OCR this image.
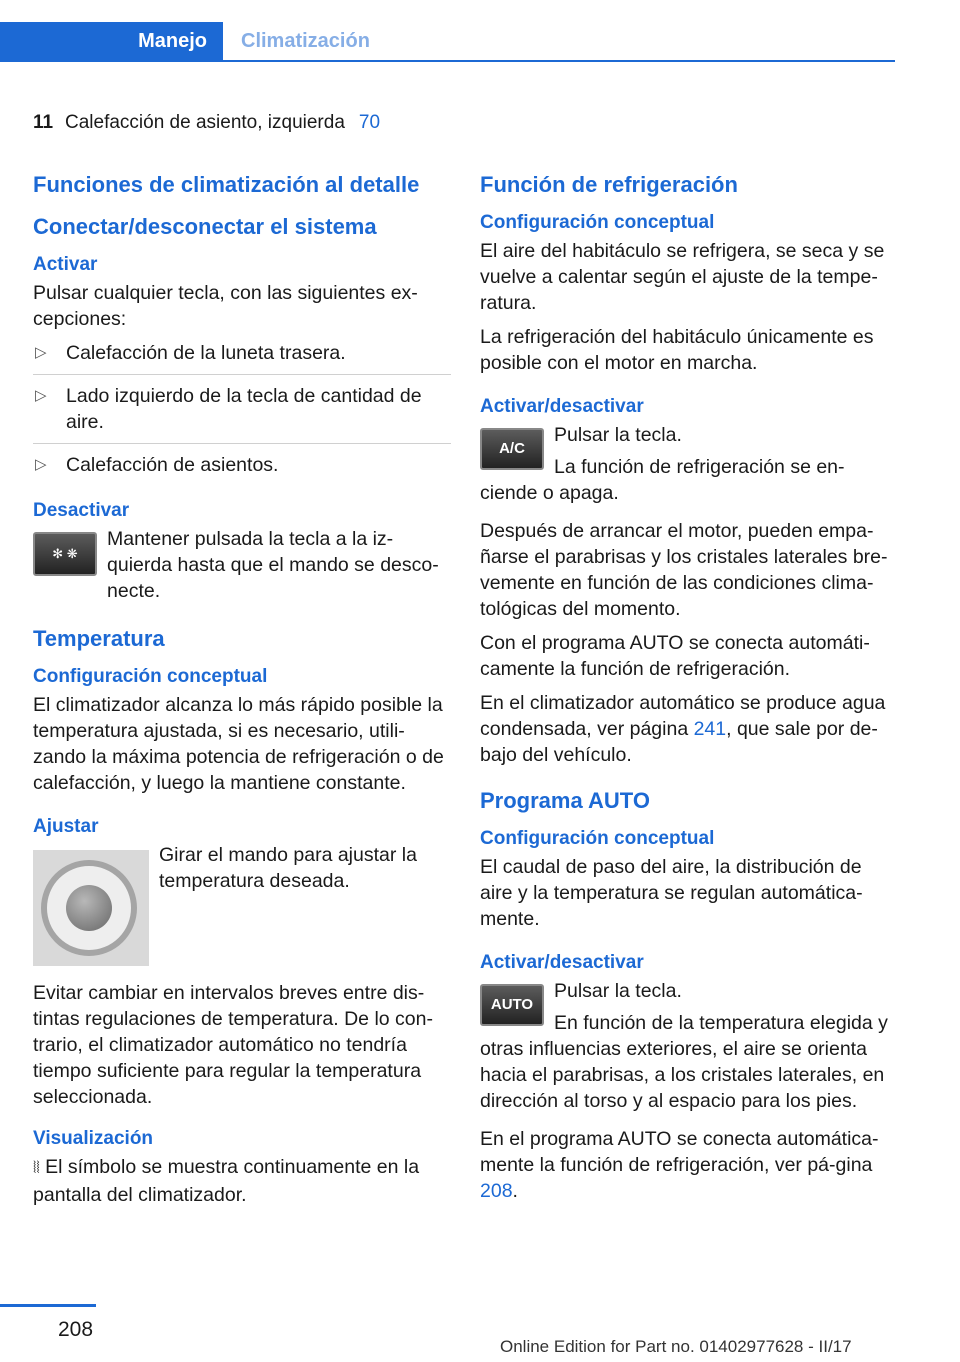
Manejo Climatización
11 Calefacción de asiento, izquierda 70
Funciones de climatización al detalle
Conectar/desconectar el sistema
Activar
Pulsar cualquier tecla, con las siguientes ex‐cepciones:
▷ Calefacción de la luneta trasera.
▷ Lado izquierdo de la tecla de cantidad de aire.
▷ Calefacción de asientos.
Desactivar
✻ ❋
Mantener pulsada la tecla a la iz‐quierda hasta que el mando se desco‐necte.
Temperatura
Configuración conceptual
El climatizador alcanza lo más rápido posible la temperatura ajustada, si es necesario, utili‐zando la máxima potencia de refrigeración o de calefacción, y luego la mantiene constante.
Ajustar
Girar el mando para ajustar la temperatura deseada.
Evitar cambiar en intervalos breves entre dis‐tintas regulaciones de temperatura. De lo con‐trario, el climatizador automático no tendría tiempo suficiente para regular la temperatura seleccionada.
Visualización
⦚⦚ El símbolo se muestra continuamente en la pantalla del climatizador.
Función de refrigeración
Configuración conceptual
El aire del habitáculo se refrigera, se seca y se vuelve a calentar según el ajuste de la tempe‐ratura.
La refrigeración del habitáculo únicamente es posible con el motor en marcha.
Activar/desactivar
A/C
Pulsar la tecla.
La función de refrigeración se en‐ciende o apaga.
Después de arrancar el motor, pueden empa‐ñarse el parabrisas y los cristales laterales bre‐vemente en función de las condiciones clima‐tológicas del momento.
Con el programa AUTO se conecta automáti‐camente la función de refrigeración.
En el climatizador automático se produce agua condensada, ver página 241, que sale por de‐bajo del vehículo.
Programa AUTO
Configuración conceptual
El caudal de paso del aire, la distribución de aire y la temperatura se regulan automática‐mente.
Activar/desactivar
AUTO
Pulsar la tecla.
En función de la temperatura elegida y otras influencias exteriores, el aire se orienta hacia el parabrisas, a los cristales laterales, en dirección al torso y al espacio para los pies.
En el programa AUTO se conecta automática‐mente la función de refrigeración, ver pá‐gina 208.
208
Online Edition for Part no. 01402977628 - II/17
